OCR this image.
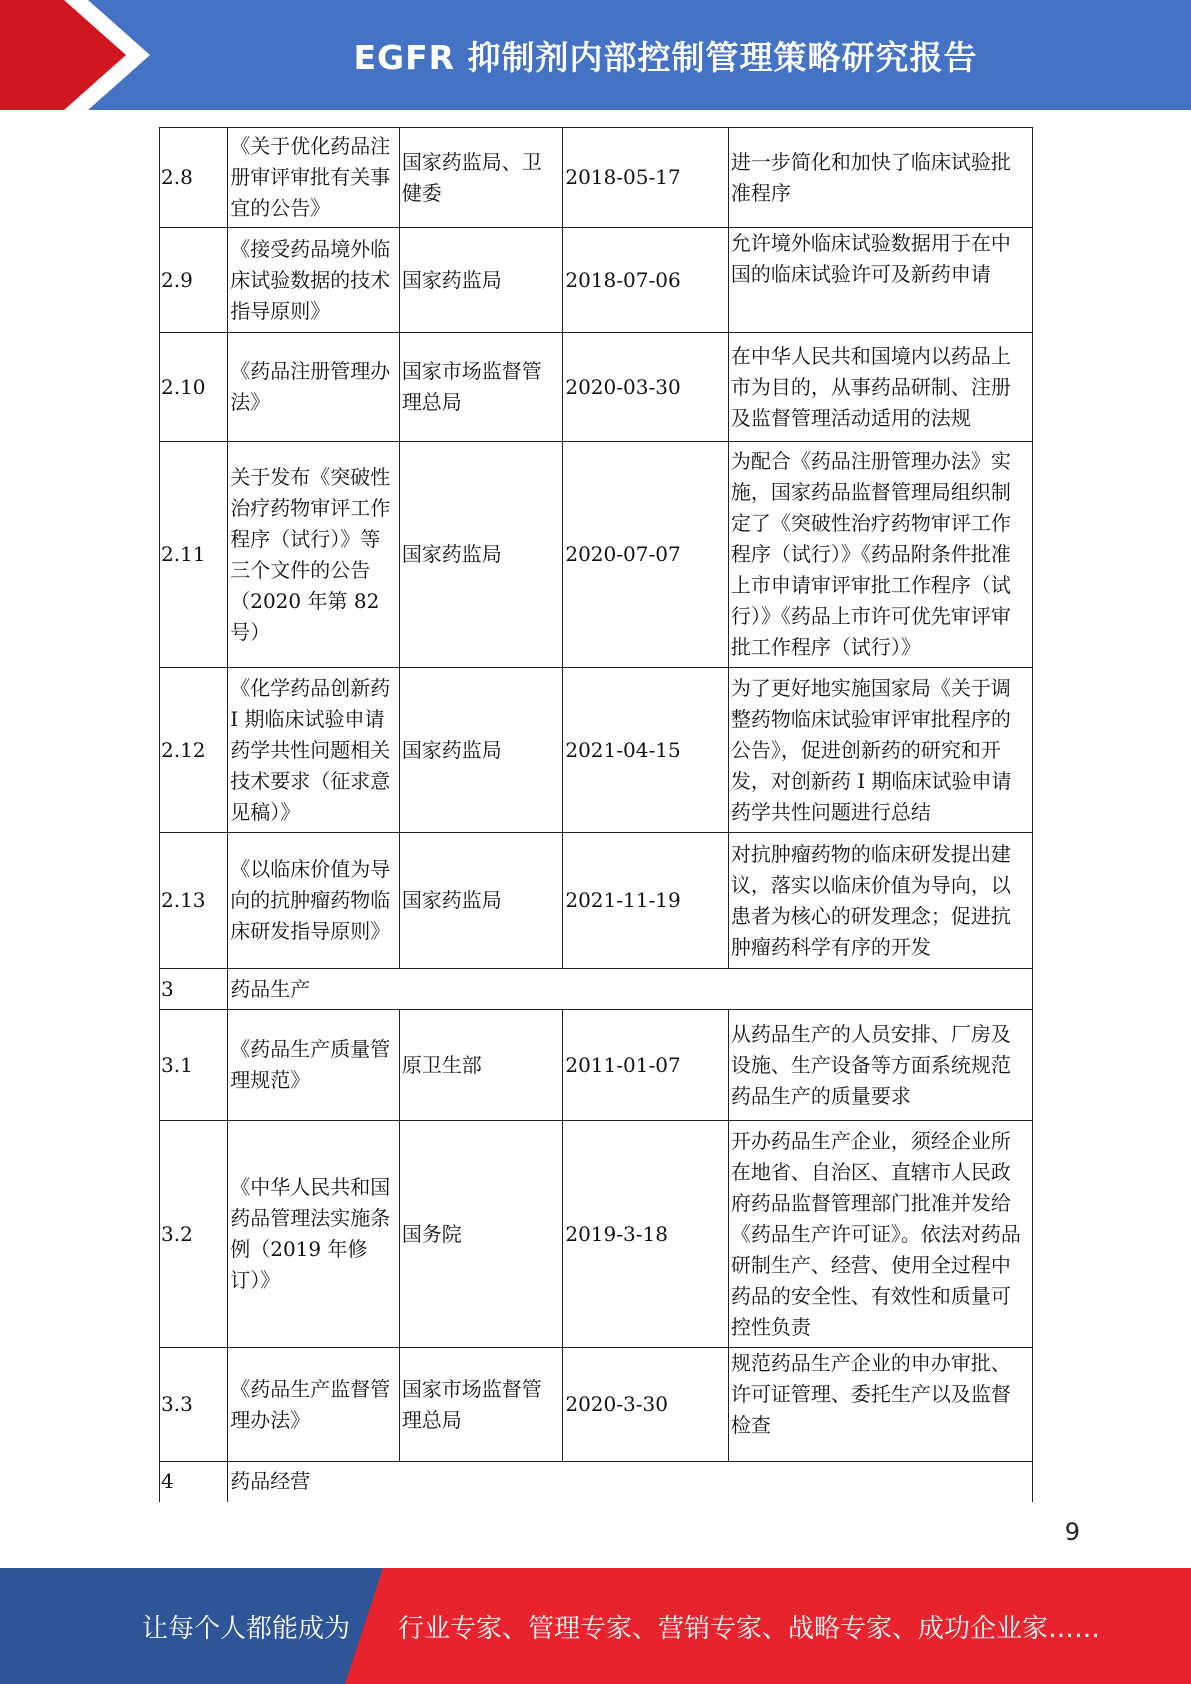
EGFR 抑制剂内部控制管理策略研究报告
2.8	《关于优化药品注册审评审批有关事宜的公告》	国家药监局、卫健委	2018-05-17	进一步简化和加快了临床试验批准程序
2.9	《接受药品境外临床试验数据的技术指导原则》	国家药监局	2018-07-06	允许境外临床试验数据用于在中国的临床试验许可及新药申请
2.10	《药品注册管理办法》	国家市场监督管理总局	2020-03-30	在中华人民共和国境内以药品上市为目的，从事药品研制、注册及监督管理活动适用的法规
2.11	关于发布《突破性治疗药物审评工作程序（试行）》等三个文件的公告（2020 年第 82 号）	国家药监局	2020-07-07	为配合《药品注册管理办法》实施，国家药品监督管理局组织制定了《突破性治疗药物审评工作程序（试行）》《药品附条件批准上市申请审评审批工作程序（试行）》《药品上市许可优先审评审批工作程序（试行）》
2.12	《化学药品创新药 I 期临床试验申请药学共性问题相关技术要求（征求意见稿）》	国家药监局	2021-04-15	为了更好地实施国家局《关于调整药物临床试验审评审批程序的公告》，促进创新药的研究和开发，对创新药 I 期临床试验申请药学共性问题进行总结
2.13	《以临床价值为导向的抗肿瘤药物临床研发指导原则》	国家药监局	2021-11-19	对抗肿瘤药物的临床研发提出建议，落实以临床价值为导向，以患者为核心的研发理念；促进抗肿瘤药科学有序的开发
3	药品生产			
3.1	《药品生产质量管理规范》	原卫生部	2011-01-07	从药品生产的人员安排、厂房及设施、生产设备等方面系统规范药品生产的质量要求
3.2	《中华人民共和国药品管理法实施条例（2019 年修订）》	国务院	2019-3-18	开办药品生产企业，须经企业所在地省、自治区、直辖市人民政府药品监督管理部门批准并发给《药品生产许可证》。依法对药品研制生产、经营、使用全过程中药品的安全性、有效性和质量可控性负责
3.3	《药品生产监督管理办法》	国家市场监督管理总局	2020-3-30	规范药品生产企业的申办审批、许可证管理、委托生产以及监督检查
4	药品经营			
9
让每个人都能成为 行业专家、管理专家、营销专家、战略专家、成功企业家……
